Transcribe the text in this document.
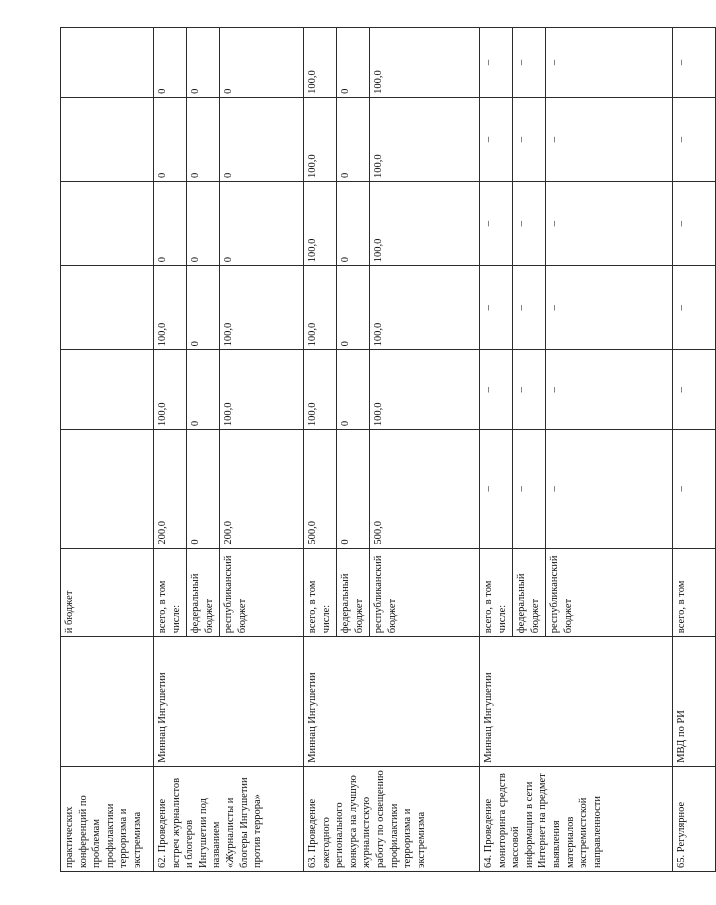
практических конференций по проблемам профилактики терроризма и экстремизма		й бюджет						
62. Проведение встреч журналистов и блогеров Ингушетии под названием «Журналисты и блогеры Ингушетии против террора»	Миннац Ингушетии	всего, в том числе:	200,0	100,0	100,0	0	0	0
		федеральный бюджет	0	0	0	0	0	0
		республиканский бюджет	200,0	100,0	100,0	0	0	0
63. Проведение ежегодного регионального конкурса на лучшую журналистскую работу по освещению профилактики терроризма и экстремизма	Миннац Ингушетии	всего, в том числе:	500,0	100,0	100,0	100,0	100,0	100,0
		федеральный бюджет	0	0	0	0	0	0
		республиканский бюджет	500,0	100,0	100,0	100,0	100,0	100,0
64. Проведение мониторинга средств массовой информации в сети Интернет на предмет выявления материалов экстремистской направленности	Миннац Ингушетии	всего, в том числе:	–	–	–	–	–	–
		федеральный бюджет	–	–	–	–	–	–
		республиканский бюджет	–	–	–	–	–	–
65. Регулярное	МВД по РИ	всего, в том	–	–	–	–	–	–
